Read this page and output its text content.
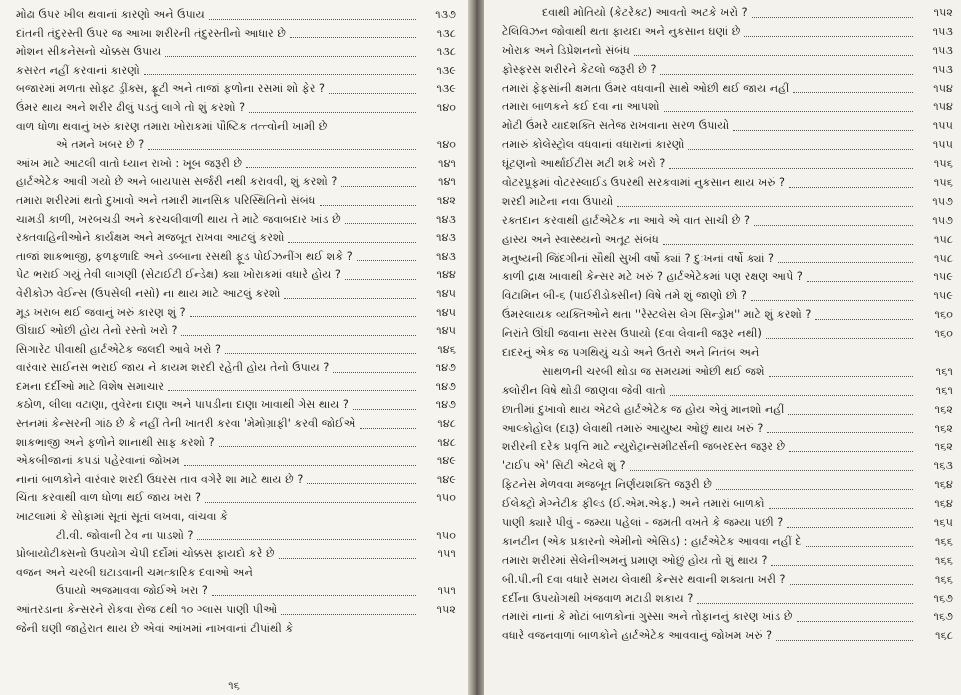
મોઢા ઉપર ખીલ થવાનાં કારણો અને ઉપાય	૧૩૭
દાંતની તંદુરસ્તી ઉપર જ આખા શરીરની તંદુરસ્તીનો આધાર છે	૧૩૮
મોશન સીકનેસનો ચોક્કસ ઉપાય	૧૩૮
કસરત નહીં કરવાનાં કારણો	૧૩૯
બજારમાં મળતા સોફ્ટ ડ્રીંક્સ, ફ્રૂટી અને તાજાં ફળોના રસમાં શો ફેર ?	૧૩૯
ઉંમર થાય અને શરીર ઢીલું પડતું લાગે તો શું કરશો ?	૧૪૦
વાળ ધોળા થવાનું ખરું કારણ તમારા ખોરાકમાં પૌષ્ટિક તત્ત્વોની ખામી છે
એ તમને ખબર છે ?	૧૪૦
આંખ માટે આટલી વાતો ધ્યાન રાખો : ખૂબ જરૂરી છે	૧૪૧
હાર્ટએટેક આવી ગયો છે અને બાયપાસ સર્જરી નથી કરાવવી, શું કરશો ?	૧૪૧
તમારા શરીરમાં થતો દુખાવો અને તમારી માનસિક પરિસ્થિતિનો સંબંધ	૧૪૨
ચામડી કાળી, ખરબચડી અને કરચલીવાળી થાય તે માટે જવાબદાર ખાંડ છે	૧૪૩
રક્તવાહિનીઓને કાર્યક્ષમ અને મજબૂત રાખવા આટલું કરશો	૧૪૩
તાજાં શાકભાજી, ફળફળાદિ અને ડબ્બાના રસથી ફૂડ પોઈઝનીંગ થઈ શકે ?	૧૪૩
પેટ ભરાઈ ગયું તેવી લાગણી (સેટાઈટી ઈન્ડેક્ષ) ક્યા ખોરાકમાં વધારે હોય ?	૧૪૪
વેરીકોઝ વેઈન્સ (ઉપસેલી નસો) ના થાય માટે આટલું કરશો	૧૪૫
મૂડ ખરાબ થઈ જવાનું ખરું કારણ શું ?	૧૪૫
ઊંઘાઈ ઓછી હોય તેનો રસ્તો ખરો ?	૧૪૫
સિગારેટ પીવાથી હાર્ટએટેક જલદી આવે ખરો ?	૧૪૬
વારંવાર સાઈનસ ભરાઈ જાય ને કાયમ શરદી રહેતી હોય તેનો ઉપાય ?	૧૪૭
દમના દર્દીઓ માટે વિશેષ સમાચાર	૧૪૭
કઠોળ, લીલા વટાણા, તુવેરના દાણા અને પાપડીના દાણા ખાવાથી ગેસ થાય ?	૧૪૭
સ્તનમાં કેન્સરની ગાંઠ છે કે નહીં તેની ખાતરી કરવા 'મેમોગ્રાફી' કરવી જોઈએ	૧૪૮
શાકભાજી અને ફળોને શાનાથી સાફ કરશો ?	૧૪૮
એકબીજાનાં કપડાં પહેરવાનાં જોખમ	૧૪૯
નાનાં બાળકોને વારંવાર શરદી ઉધરસ તાવ વગેરે શા માટે થાય છે ?	૧૪૯
ચિંતા કરવાથી વાળ ધોળા થઈ જાય ખરા ?	૧૫૦
ખાટલામાં કે સોફામાં સૂતાં સૂતાં લખવા, વાંચવા કે
ટી.વી. જોવાની ટેવ ના પાડશો ?	૧૫૦
પ્રોબાયોટીક્સનો ઉપયોગ ચેપી દર્દોમાં ચોક્કસ ફાયદો કરે છે	૧૫૧
વજન અને ચરબી ઘટાડવાની ચમત્કારિક દવાઓ અને
ઉપાયો અજમાવવા જોઈએ ખરા ?	૧૫૧
આંતરડાના કેન્સરને રોકવા રોજ ૮થી ૧૦ ગ્લાસ પાણી પીઓ	૧૫૨
જેની ઘણી જાહેરાત થાય છે એવાં આંખમાં નાખવાનાં ટીપાંથી કે
૧૬
દવાથી મોતિયો (કેટરેક્ટ) આવતો અટકે ખરો ?	૧૫૨
ટેલિવિઝન જોવાથી થતા ફાયદા અને નુકસાન ઘણાં છે	૧૫૩
ખોરાક અને ડિપ્રેશનનો સંબંધ	૧૫૩
ફોસ્ફરસ શરીરને કેટલો જરૂરી છે ?	૧૫૩
તમારાં ફેફસાંની ક્ષમતા ઉંમર વધવાની સાથે ઓછી થઈ જાય નહીં	૧૫૪
તમારા બાળકને કઈ દવા ના આપશો	૧૫૪
મોટી ઉંમરે યાદશક્તિ સતેજ રાખવાના સરળ ઉપાયો	૧૫૫
તમારું કોલેસ્ટ્રોલ વધવાનાં વધારાનાં કારણો	૧૫૫
ઘૂંટણનો આર્થાઈટીસ મટી શકે ખરો ?	૧૫૬
વોટરપ્રૂફમાં વોટરસ્લાઈડ ઉપરથી સરકવામાં નુકસાન થાય ખરું ?	૧૫૬
શરદી માટેના નવા ઉપાયો	૧૫૭
રક્તદાન કરવાથી હાર્ટએટેક ના આવે એ વાત સાચી છે ?	૧૫૭
હાસ્ય અને સ્વાસ્થ્યનો અતૂટ સંબંધ	૧૫૮
મનુષ્યની જિંદગીનાં સૌથી સુખી વર્ષો ક્યાં ? દુઃખનાં વર્ષો ક્યાં ?	૧૫૮
કાળી દ્રાક્ષ ખાવાથી કેન્સર મટે ખરું ? હાર્ટએટેકમાં પણ રક્ષણ આપે ?	૧૫૯
વિટામિન બી-૬ (પાઈરીડોક્સીન) વિષે તમે શું જાણો છો ?	૧૫૯
ઉંમરલાયક વ્યક્તિઓને થતા ''રેસ્ટલેસ લેગ સિન્ડ્રોમ'' માટે શું કરશો ?	૧૬૦
નિરાંતે ઊંઘી જવાના સરસ ઉપાયો (દવા લેવાની જરૂર નથી)	૧૬૦
દાદરનું એક જ પગથિયું ચડો અને ઉતરો અને નિતંબ અને
સાથળની ચરબી થોડા જ સમયમાં ઓછી થઈ જશે	૧૬૧
ક્લોરીન વિષે થોડી જાણવા જેવી વાતો	૧૬૧
છાતીમાં દુખાવો થાય એટલે હાર્ટએટેક જ હોય એવું માનશો નહીં	૧૬૨
આલ્કોહોલ (દારૂ) લેવાથી તમારું આયુષ્ય ઓછું થાય ખરું ?	૧૬૨
શરીરની દરેક પ્રવૃત્તિ માટે ન્યુરોટ્રાન્સમીટર્સની જબરદસ્ત જરૂર છે	૧૬૨
'ટાઈપ એ' સિટી એટલે શું ?	૧૬૩
ફિટનેસ મેળવવા મજબૂત નિર્ણયશક્તિ જરૂરી છે	૧૬૪
ઈલેક્ટ્રો મેગ્નેટીક ફીલ્ડ (ઈ.એમ.એફ.) અને તમારાં બાળકો	૧૬૪
પાણી ક્યારે પીવું - જમ્યા પહેલાં - જમતી વખતે કે જમ્યા પછી ?	૧૬૫
કાનટીન (એક પ્રકારનો એમીનો એસિડ) : હાર્ટએટેક આવવા નહીં દે	૧૬૬
તમારા શરીરમાં સેલેનીઅમનું પ્રમાણ ઓછું હોય તો શું થાય ?	૧૬૬
બી.પી.ની દવા વધારે સમય લેવાથી કેન્સર થવાની શક્યતા ખરી ?	૧૬૬
દર્દીના ઉપયોગથી ખંજવાળ મટાડી શકાય ?	૧૬૭
તમારાં નાનાં કે મોટાં બાળકોનાં ગુસ્સા અને તોફાનનું કારણ ખાંડ છે	૧૬૭
વધારે વજનવાળાં બાળકોને હાર્ટએટેક આવવાનું જોખમ ખરું ?	૧૬૮
